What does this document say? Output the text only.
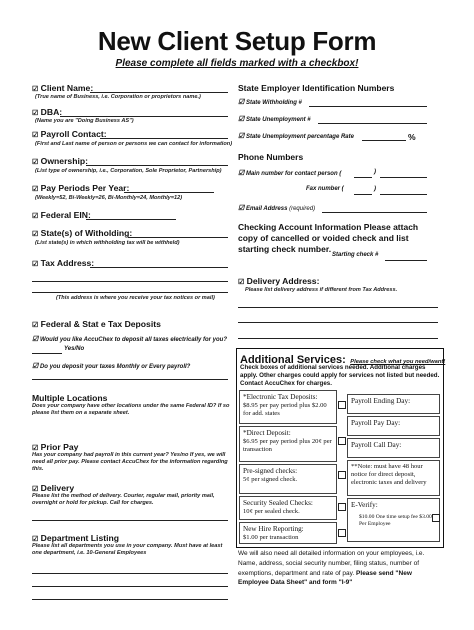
New Client Setup Form
Please complete all fields marked with a checkbox!
☑ Client Name:
(True name of Business, i.e. Corporation or proprietors name.)
☑ DBA:
(Name you are "Doing Business AS")
☑ Payroll Contact:
(First and Last name of person or persons we can contact for information)
☑ Ownership:
(List type of ownership, i.e., Corporation, Sole Proprietor, Partnership)
☑ Pay Periods Per Year:
(Weekly=52, Bi-Weekly=26, Bi-Monthly=24, Monthly=12)
☑ Federal EIN:
☑ State(s) of Witholding:
(List state(s) in which withholding tax will be withheld)
☑ Tax Address:
(This address is where you receive your tax notices or mail)
☑ Federal & Stat e Tax Deposits
☑ Would you like AccuChex to deposit all taxes electrically for you?
Yes/No
☑ Do you deposit your taxes Monthly or Every payroll?
Multiple Locations
Does your company have other locations under the same Federal ID? If so please list them on a separate sheet.
☑ Prior Pay
Has your company had payroll in this current year? Yes/no If yes, we will need all prior pay. Please contact AccuChex for the information regarding this.
☑ Delivery
Please list the method of delivery. Courier, regular mail, priority mail, overnight or hold for pickup. Call for charges.
☑ Department Listing
Please list all departments you use in your company. Must have at least one department, i.e. 10-General Employees
State Employer Identification Numbers
☑ State Withholding #
☑ State Unemployment #
☑ State Unemployment percentage Rate	%
Phone Numbers
☑ Main number for contact person (	)
Fax number (	)
☑ Email Address (required)
Checking Account Information Please attach copy of cancelled or voided check and list starting check number.
Starting check #
☑ Delivery Address:
Please list delivery address if different from Tax Address.
Additional Services: Please check what you need/want!
Check boxes of additional services needed. Additional charges apply. Other charges could apply for services not listed but needed. Contact AccuChex for charges.
*Electronic Tax Deposits:
$8.95 per pay period plus $2.00 for add. states
*Direct Deposit:
$6.95 per pay period plus 20¢ per transaction
Pre-signed checks:
5¢ per signed check.
Security Sealed Checks:
10¢ per sealed check.
New Hire Reporting:
$1.00 per transaction
Payroll Ending Day:
Payroll Pay Day:
Payroll Call Day:
**Note: must have 48 hour notice for direct deposit, electronic taxes and delivery
E-Verify:
$10.00 One time setup fee $3.00 Per Employee
We will also need all detailed information on your employees, i.e. Name, address, social security number, filing status, number of exemptions, department and rate of pay. Please send "New Employee Data Sheet" and form "I-9"
